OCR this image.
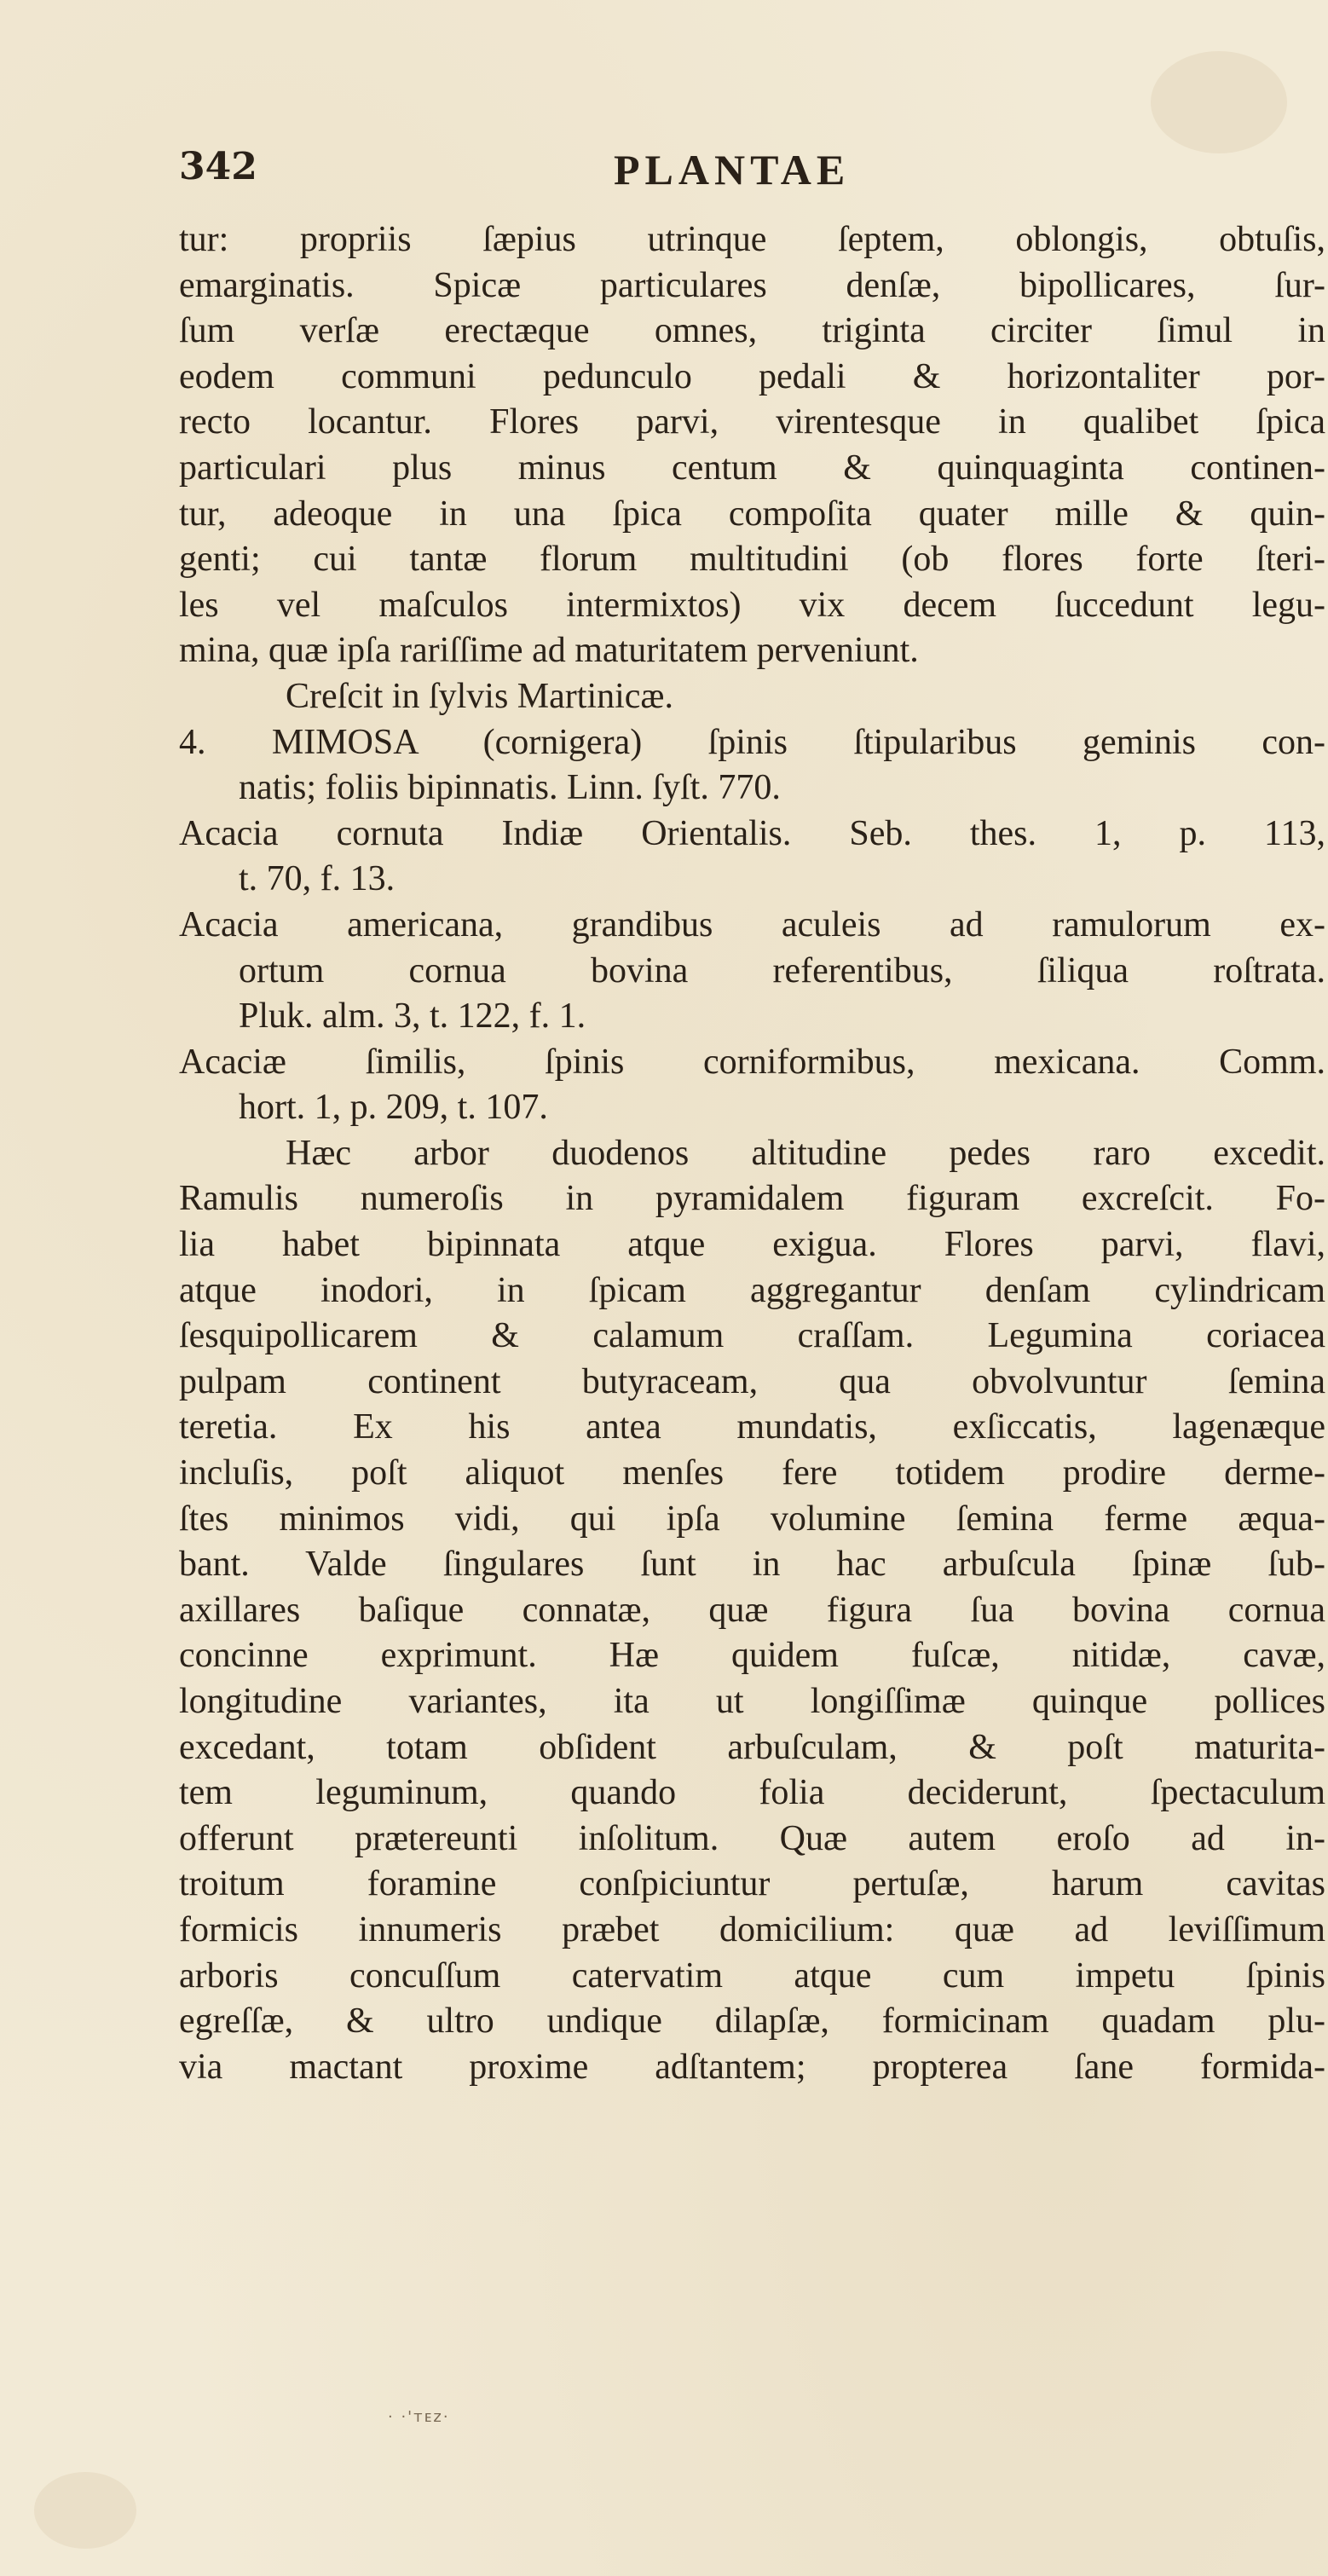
342	PLANTAE
tur: propriis ſæpius utrinque ſeptem, oblongis, obtuſis,
emarginatis. Spicæ particulares denſæ, bipollicares, ſur-
ſum verſæ erectæque omnes, triginta circiter ſimul in
eodem communi pedunculo pedali & horizontaliter por-
recto locantur. Flores parvi, virentesque in qualibet ſpica
particulari plus minus centum & quinquaginta continen-
tur, adeoque in una ſpica compoſita quater mille & quin-
genti; cui tantæ florum multitudini (ob flores forte ſteri-
les vel maſculos intermixtos) vix decem ſuccedunt legu-
mina, quæ ipſa rariſſime ad maturitatem perveniunt.
Creſcit in ſylvis Martinicæ.
4. MIMOSA (cornigera) ſpinis ſtipularibus geminis con-
natis; foliis bipinnatis. Linn. ſyſt. 770.
Acacia cornuta Indiæ Orientalis. Seb. thes. 1, p. 113,
t. 70, f. 13.
Acacia americana, grandibus aculeis ad ramulorum ex-
ortum cornua bovina referentibus, ſiliqua roſtrata.
Pluk. alm. 3, t. 122, f. 1.
Acaciæ ſimilis, ſpinis corniformibus, mexicana. Comm.
hort. 1, p. 209, t. 107.
Hæc arbor duodenos altitudine pedes raro excedit.
Ramulis numeroſis in pyramidalem figuram excreſcit. Fo-
lia habet bipinnata atque exigua. Flores parvi, flavi,
atque inodori, in ſpicam aggregantur denſam cylindricam
ſesquipollicarem & calamum craſſam. Legumina coriacea
pulpam continent butyraceam, qua obvolvuntur ſemina
teretia. Ex his antea mundatis, exſiccatis, lagenæque
incluſis, poſt aliquot menſes fere totidem prodire derme-
ſtes minimos vidi, qui ipſa volumine ſemina ferme æqua-
bant. Valde ſingulares ſunt in hac arbuſcula ſpinæ ſub-
axillares baſique connatæ, quæ figura ſua bovina cornua
concinne exprimunt. Hæ quidem fuſcæ, nitidæ, cavæ,
longitudine variantes, ita ut longiſſimæ quinque pollices
excedant, totam obſident arbuſculam, & poſt maturita-
tem leguminum, quando folia deciderunt, ſpectaculum
offerunt prætereunti inſolitum. Quæ autem eroſo ad in-
troitum foramine conſpiciuntur pertuſæ, harum cavitas
formicis innumeris præbet domicilium: quæ ad leviſſimum
arboris concuſſum catervatim atque cum impetu ſpinis
egreſſæ, & ultro undique dilapſæ, formicinam quadam plu-
via mactant proxime adſtantem; propterea ſane formida-
· ·'ᴛᴇᴢ·
